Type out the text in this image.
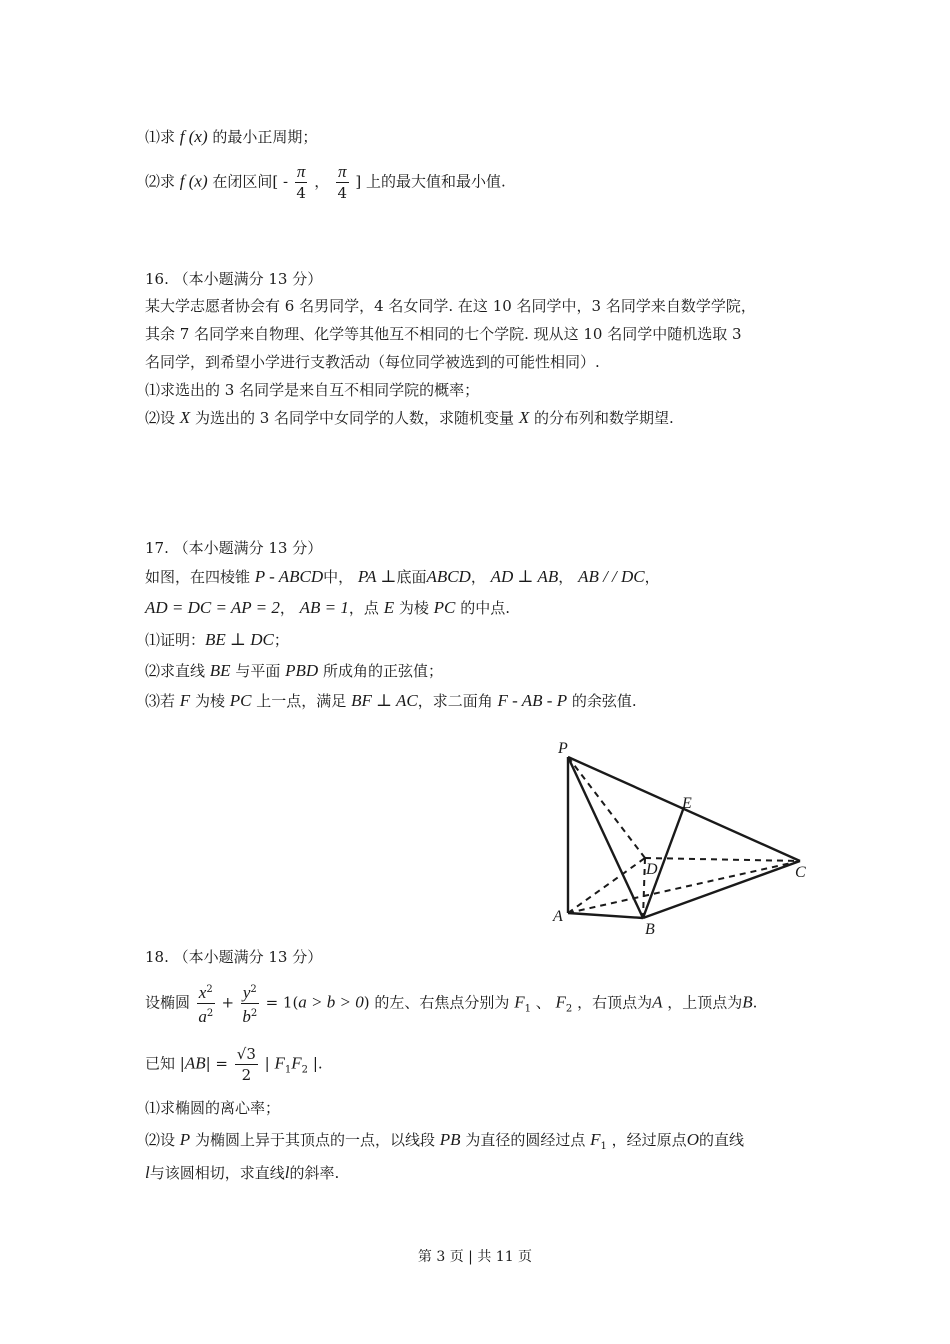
⑴求 f (x) 的最小正周期；
⑵求 f (x) 在闭区间[ - $\frac{\pi}{4}$ ， $\frac{\pi}{4}$ ] 上的最大值和最小值.
16. （本小题满分 13 分）
某大学志愿者协会有 6 名男同学，4 名女同学. 在这 10 名同学中，3 名同学来自数学学院，
其余 7 名同学来自物理、化学等其他互不相同的七个学院. 现从这 10 名同学中随机选取 3
名同学，到希望小学进行支教活动（每位同学被选到的可能性相同）.
⑴求选出的 3 名同学是来自互不相同学院的概率；
⑵设 X 为选出的 3 名同学中女同学的人数，求随机变量 X 的分布列和数学期望.
17. （本小题满分 13 分）
如图，在四棱锥 P - ABCD中， PA ⊥底面ABCD， AD ⊥ AB， AB / / DC，
AD = DC = AP = 2， AB = 1，点 E 为棱 PC 的中点.
⑴证明：BE ⊥ DC；
⑵求直线 BE 与平面 PBD 所成角的正弦值；
⑶若 F 为棱 PC 上一点，满足 BF ⊥ AC，求二面角 F - AB - P 的余弦值.
P
E
D	C
A
B
18. （本小题满分 13 分）
设椭圆 $\frac{x^2}{a^2} + \frac{y^2}{b^2} = 1(a > b > 0)$ 的左、右焦点分别为 $F_1$ 、 $F_2$ ，右顶点为A ，上顶点为B.
已知 $|AB| = \frac{√3}{2}$ | $F_1F_2$ |.
⑴求椭圆的离心率；
⑵设 P 为椭圆上异于其顶点的一点，以线段 PB 为直径的圆经过点 $F_1$ ，经过原点O的直线
l与该圆相切，求直线l的斜率.
第 3 页 | 共 11 页
